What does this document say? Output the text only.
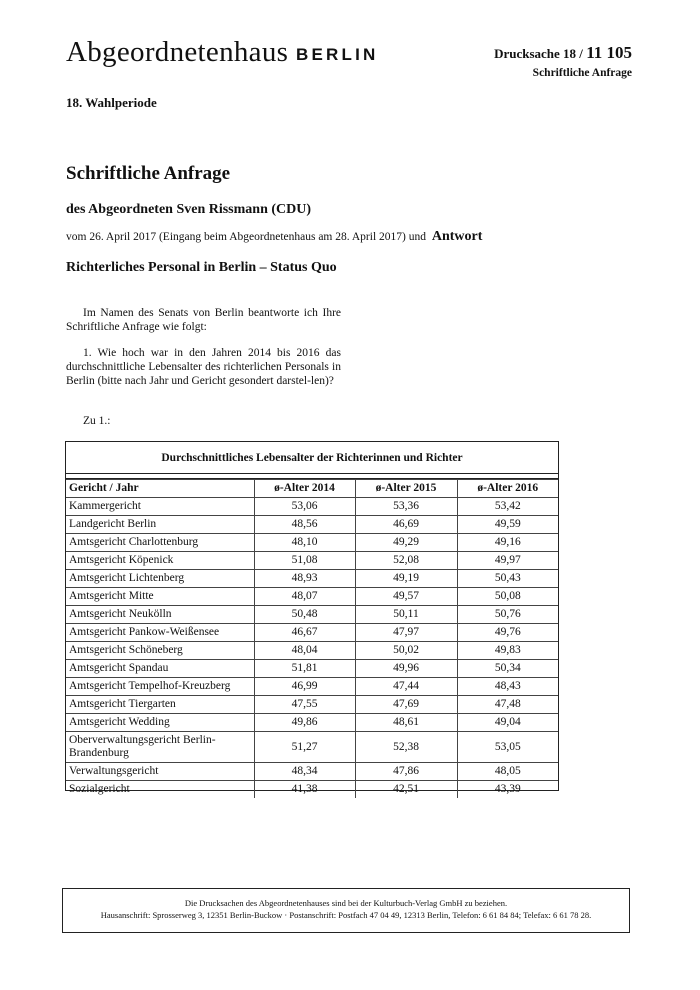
Abgeordnetenhaus BERLIN	Drucksache 18 / 11 105
Schriftliche Anfrage
18. Wahlperiode
Schriftliche Anfrage
des Abgeordneten Sven Rissmann (CDU)
vom 26. April 2017 (Eingang beim Abgeordnetenhaus am 28. April 2017) und Antwort
Richterliches Personal in Berlin – Status Quo

Im Namen des Senats von Berlin beantworte ich Ihre Schriftliche Anfrage wie folgt:

1. Wie hoch war in den Jahren 2014 bis 2016 das durchschnittliche Lebensalter des richterlichen Personals in Berlin (bitte nach Jahr und Gericht gesondert darstel-len)?

Zu 1.:

Durchschnittliches Lebensalter der Richterinnen und Richter
Gericht / Jahr	ø-Alter 2014	ø-Alter 2015	ø-Alter 2016
Kammergericht	53,06	53,36	53,42
Landgericht Berlin	48,56	46,69	49,59
Amtsgericht Charlottenburg	48,10	49,29	49,16
Amtsgericht Köpenick	51,08	52,08	49,97
Amtsgericht Lichtenberg	48,93	49,19	50,43
Amtsgericht Mitte	48,07	49,57	50,08
Amtsgericht Neukölln	50,48	50,11	50,76
Amtsgericht Pankow-Weißensee	46,67	47,97	49,76
Amtsgericht Schöneberg	48,04	50,02	49,83
Amtsgericht Spandau	51,81	49,96	50,34
Amtsgericht Tempelhof-Kreuzberg	46,99	47,44	48,43
Amtsgericht Tiergarten	47,55	47,69	47,48
Amtsgericht Wedding	49,86	48,61	49,04
Oberverwaltungsgericht Berlin-Brandenburg	51,27	52,38	53,05
Verwaltungsgericht	48,34	47,86	48,05
Sozialgericht	41,38	42,51	43,39
Die Drucksachen des Abgeordnetenhauses sind bei der Kulturbuch-Verlag GmbH zu beziehen.
Hausanschrift: Sprosserweg 3, 12351 Berlin-Buckow · Postanschrift: Postfach 47 04 49, 12313 Berlin, Telefon: 6 61 84 84; Telefax: 6 61 78 28.
